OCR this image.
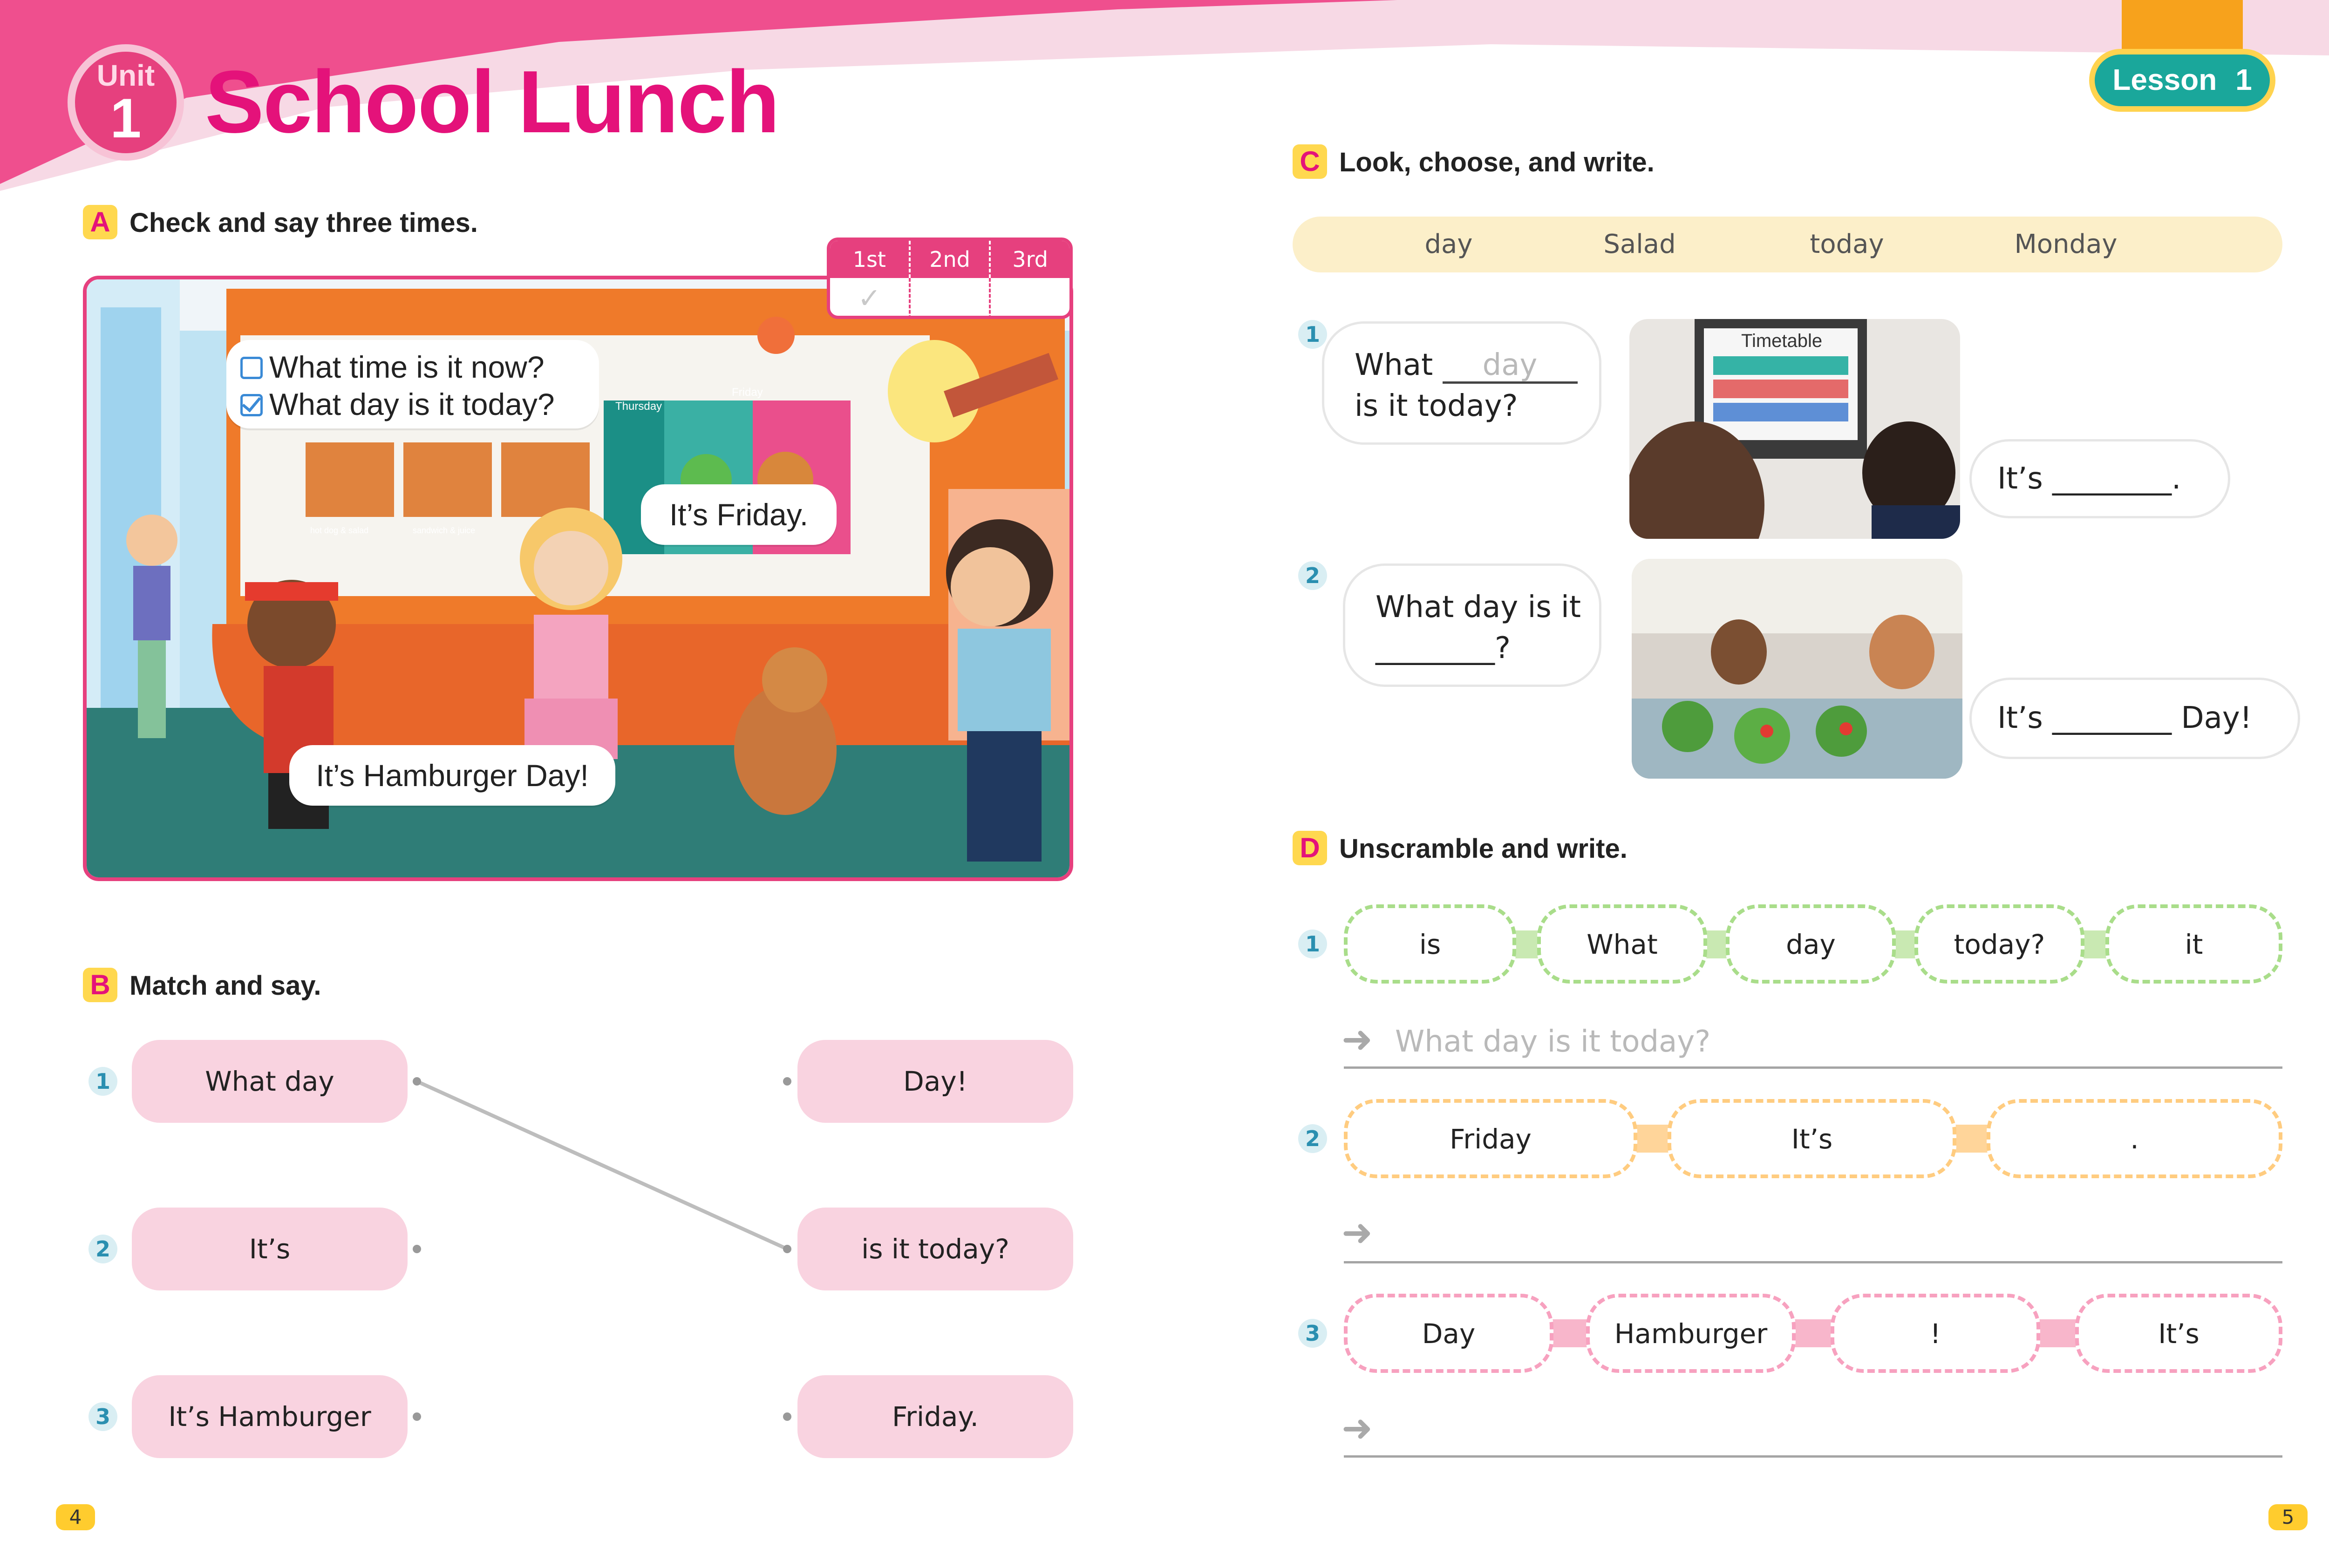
Unit
1 School Lunch	Lesson 1
A Check and say three times.
Thursday
Friday
hot dog & salad	sandwich & juice
What time is it now?
What day is it today?
It’s Friday.
It’s Hamburger Day!
1st	2nd	3rd
✓
B Match and say.
1
2
3
What day
It’s
It’s Hamburger
Day!
is it today?
Friday.
C Look, choose, and write.
day	Salad	today	Monday
1
2
What day
is it today?
Timetable
It’s ________.
What day is it
________?
It’s ________ Day!
D Unscramble and write.
1
2
3
is	What	day	today?	it
➜ What day is it today?
Friday	It’s	.
➜
Day	Hamburger	!	It’s
➜
4	5
